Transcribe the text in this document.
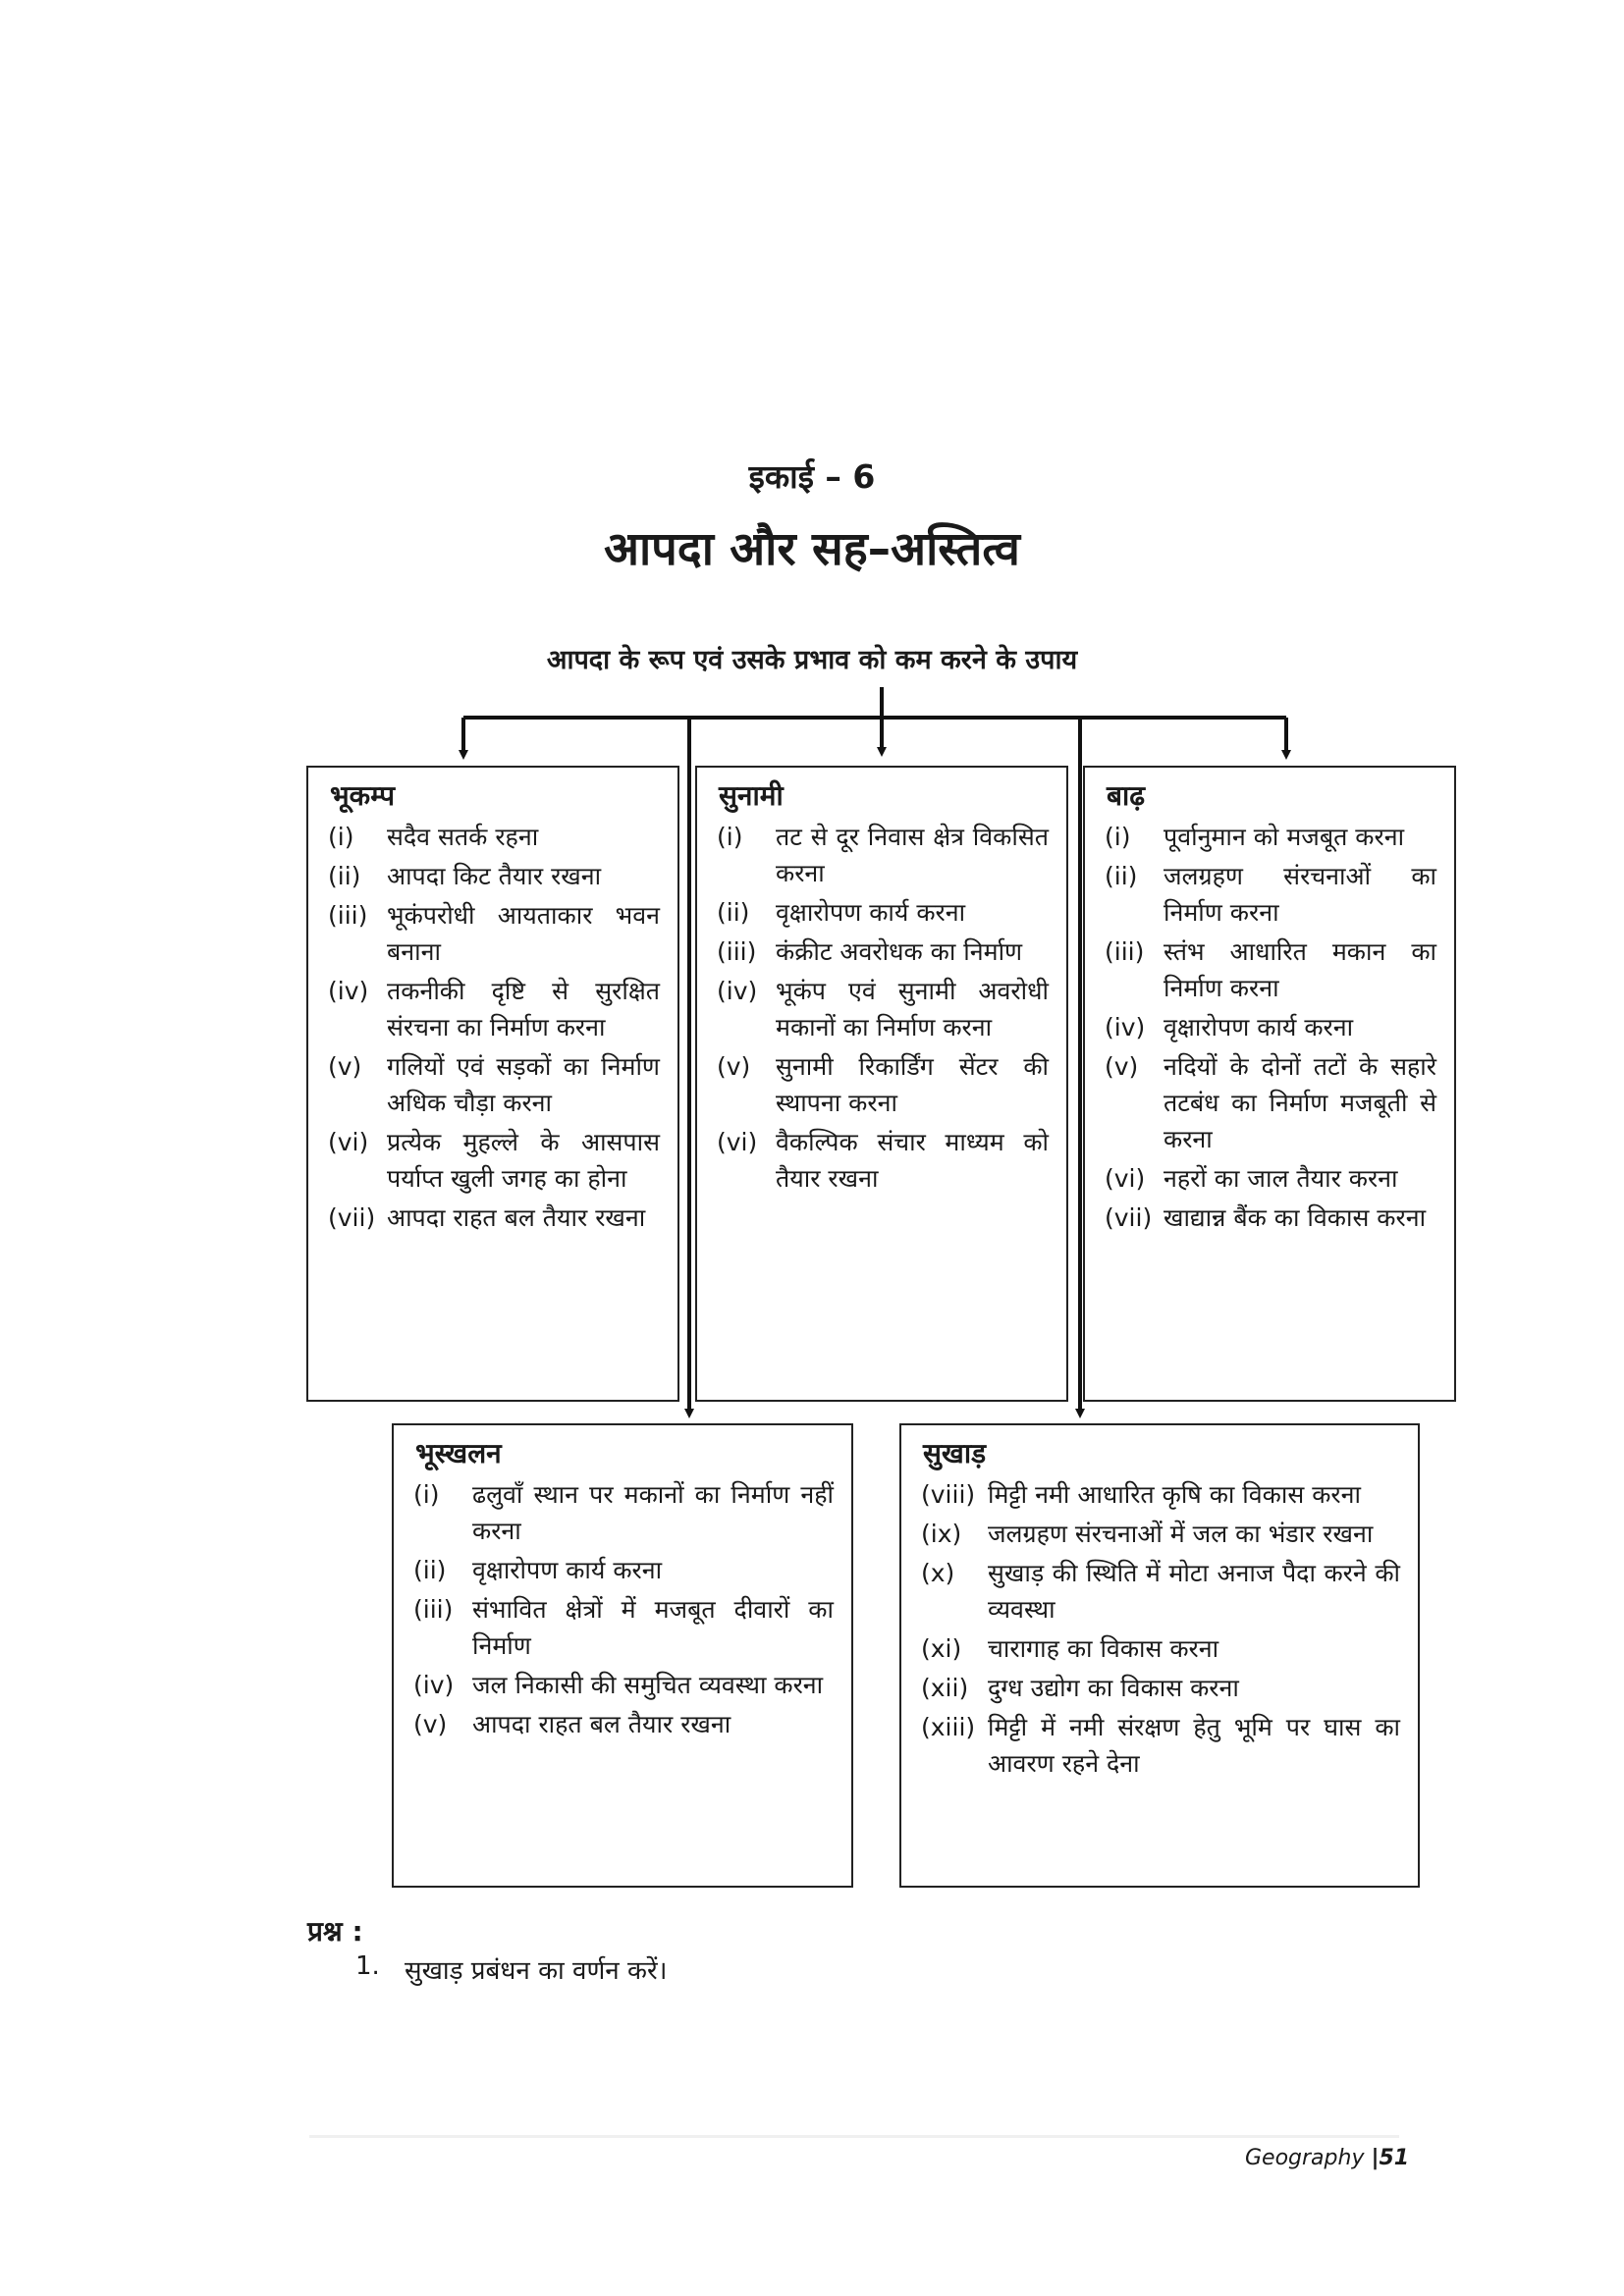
इकाई – 6
आपदा और सह–अस्तित्व
आपदा के रूप एवं उसके प्रभाव को कम करने के उपाय
भूकम्प
(i)	सदैव सतर्क रहना
(ii)	आपदा किट तैयार रखना
(iii) भूकंपरोधी आयताकार भवन बनाना
(iv) तकनीकी दृष्टि से सुरक्षित संरचना का निर्माण करना
(v)	गलियों एवं सड़कों का निर्माण अधिक चौड़ा करना
(vi) प्रत्येक मुहल्ले के आसपास पर्याप्त खुली जगह का होना
(vii) आपदा राहत बल तैयार रखना
सुनामी
(i)	तट से दूर निवास क्षेत्र विकसित करना
(ii)	वृक्षारोपण कार्य करना
(iii) कंक्रीट अवरोधक का निर्माण
(iv) भूकंप एवं सुनामी अवरोधी मकानों का निर्माण करना
(v)	सुनामी रिकार्डिंग सेंटर की स्थापना करना
(vi) वैकल्पिक संचार माध्यम को तैयार रखना
बाढ़
(i)	पूर्वानुमान को मजबूत करना
(ii)	जलग्रहण संरचनाओं का निर्माण करना
(iii) स्तंभ आधारित मकान का निर्माण करना
(iv) वृक्षारोपण कार्य करना
(v)	नदियों के दोनों तटों के सहारे तटबंध का निर्माण मजबूती से करना
(vi) नहरों का जाल तैयार करना
(vii) खाद्यान्न बैंक का विकास करना
भूस्खलन
(i)	ढलुवाँ स्थान पर मकानों का निर्माण नहीं करना
(ii)	वृक्षारोपण कार्य करना
(iii) संभावित क्षेत्रों में मजबूत दीवारों का निर्माण
(iv) जल निकासी की समुचित व्यवस्था करना
(v)	आपदा राहत बल तैयार रखना
सुखाड़
(viii) मिट्टी नमी आधारित कृषि का विकास करना
(ix)	जलग्रहण संरचनाओं में जल का भंडार रखना
(x)	सुखाड़ की स्थिति में मोटा अनाज पैदा करने की व्यवस्था
(xi)	चारागाह का विकास करना
(xii) दुग्ध उद्योग का विकास करना
(xiii) मिट्टी में नमी संरक्षण हेतु भूमि पर घास का आवरण रहने देना
प्रश्न :
1. सुखाड़ प्रबंधन का वर्णन करें।
Geography |51
